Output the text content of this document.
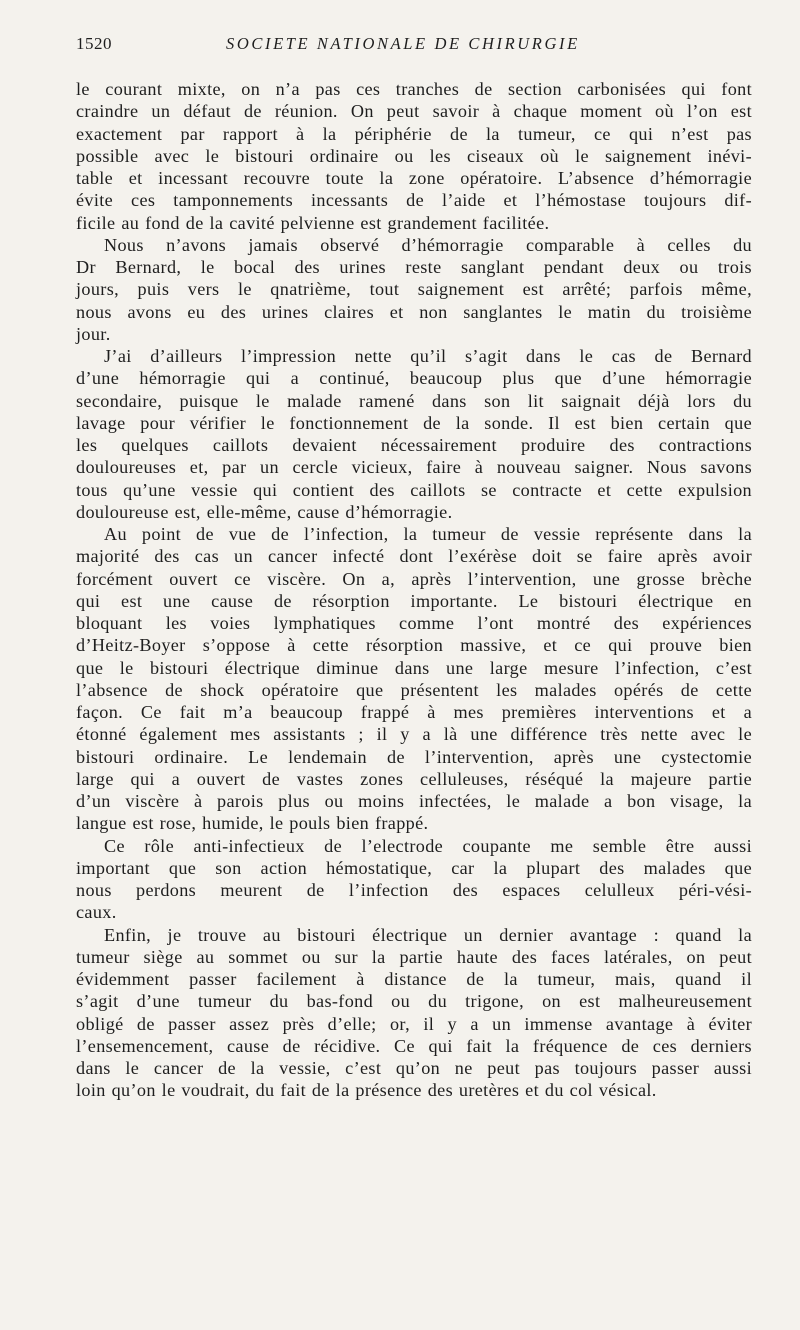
1520	SOCIETE NATIONALE DE CHIRURGIE
le courant mixte, on n’a pas ces tranches de section carbonisées qui font
craindre un défaut de réunion. On peut savoir à chaque moment où l’on est
exactement par rapport à la périphérie de la tumeur, ce qui n’est pas
possible avec le bistouri ordinaire ou les ciseaux où le saignement inévi-
table et incessant recouvre toute la zone opératoire. L’absence d’hémorragie
évite ces tamponnements incessants de l’aide et l’hémostase toujours dif-
ficile au fond de la cavité pelvienne est grandement facilitée.
Nous n’avons jamais observé d’hémorragie comparable à celles du
Dr Bernard, le bocal des urines reste sanglant pendant deux ou trois
jours, puis vers le qnatrième, tout saignement est arrêté; parfois même,
nous avons eu des urines claires et non sanglantes le matin du troisième
jour.
J’ai d’ailleurs l’impression nette qu’il s’agit dans le cas de Bernard
d’une hémorragie qui a continué, beaucoup plus que d’une hémorragie
secondaire, puisque le malade ramené dans son lit saignait déjà lors du
lavage pour vérifier le fonctionnement de la sonde. Il est bien certain que
les quelques caillots devaient nécessairement produire des contractions
douloureuses et, par un cercle vicieux, faire à nouveau saigner. Nous savons
tous qu’une vessie qui contient des caillots se contracte et cette expulsion
douloureuse est, elle-même, cause d’hémorragie.
Au point de vue de l’infection, la tumeur de vessie représente dans la
majorité des cas un cancer infecté dont l’exérèse doit se faire après avoir
forcément ouvert ce viscère. On a, après l’intervention, une grosse brèche
qui est une cause de résorption importante. Le bistouri électrique en
bloquant les voies lymphatiques comme l’ont montré des expériences
d’Heitz-Boyer s’oppose à cette résorption massive, et ce qui prouve bien
que le bistouri électrique diminue dans une large mesure l’infection, c’est
l’absence de shock opératoire que présentent les malades opérés de cette
façon. Ce fait m’a beaucoup frappé à mes premières interventions et a
étonné également mes assistants ; il y a là une différence très nette avec le
bistouri ordinaire. Le lendemain de l’intervention, après une cystectomie
large qui a ouvert de vastes zones celluleuses, réséqué la majeure partie
d’un viscère à parois plus ou moins infectées, le malade a bon visage, la
langue est rose, humide, le pouls bien frappé.
Ce rôle anti-infectieux de l’electrode coupante me semble être aussi
important que son action hémostatique, car la plupart des malades que
nous perdons meurent de l’infection des espaces celulleux péri-vési-
caux.
Enfin, je trouve au bistouri électrique un dernier avantage : quand la
tumeur siège au sommet ou sur la partie haute des faces latérales, on peut
évidemment passer facilement à distance de la tumeur, mais, quand il
s’agit d’une tumeur du bas-fond ou du trigone, on est malheureusement
obligé de passer assez près d’elle; or, il y a un immense avantage à éviter
l’ensemencement, cause de récidive. Ce qui fait la fréquence de ces derniers
dans le cancer de la vessie, c’est qu’on ne peut pas toujours passer aussi
loin qu’on le voudrait, du fait de la présence des uretères et du col vésical.
